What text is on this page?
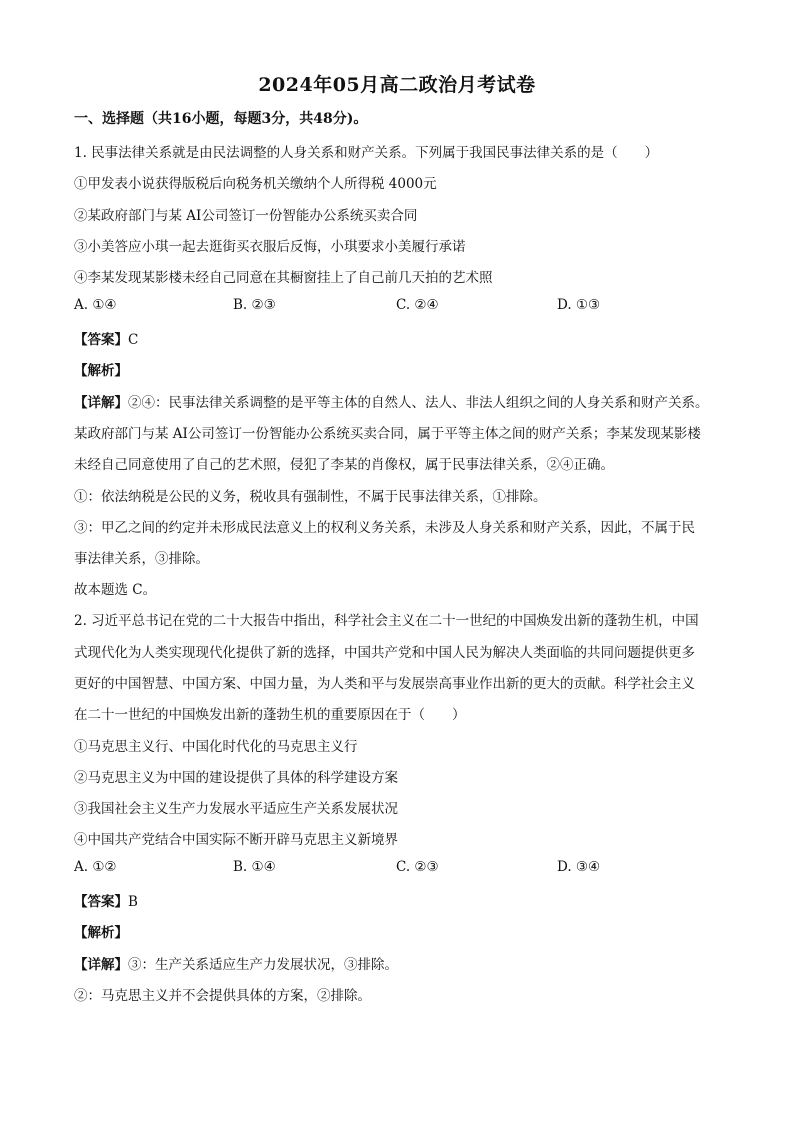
2024年05月高二政治月考试卷
一、选择题（共16小题，每题3分，共48分)。
1. 民事法律关系就是由民法调整的人身关系和财产关系。下列属于我国民事法律关系的是（　　）
①甲发表小说获得版税后向税务机关缴纳个人所得税 4000元
②某政府部门与某 AI公司签订一份智能办公系统买卖合同
③小美答应小琪一起去逛街买衣服后反悔，小琪要求小美履行承诺
④李某发现某影楼未经自己同意在其橱窗挂上了自己前几天拍的艺术照
A. ①④	B. ②③	C. ②④	D. ①③
【答案】C
【解析】
【详解】②④：民事法律关系调整的是平等主体的自然人、法人、非法人组织之间的人身关系和财产关系。
某政府部门与某 AI公司签订一份智能办公系统买卖合同，属于平等主体之间的财产关系；李某发现某影楼
未经自己同意使用了自己的艺术照，侵犯了李某的肖像权，属于民事法律关系，②④正确。
①：依法纳税是公民的义务，税收具有强制性，不属于民事法律关系，①排除。
③：甲乙之间的约定并未形成民法意义上的权利义务关系，未涉及人身关系和财产关系，因此，不属于民
事法律关系，③排除。
故本题选 C。
2. 习近平总书记在党的二十大报告中指出，科学社会主义在二十一世纪的中国焕发出新的蓬勃生机，中国
式现代化为人类实现现代化提供了新的选择，中国共产党和中国人民为解决人类面临的共同问题提供更多
更好的中国智慧、中国方案、中国力量，为人类和平与发展崇高事业作出新的更大的贡献。科学社会主义
在二十一世纪的中国焕发出新的蓬勃生机的重要原因在于（　　）
①马克思主义行、中国化时代化的马克思主义行
②马克思主义为中国的建设提供了具体的科学建设方案
③我国社会主义生产力发展水平适应生产关系发展状况
④中国共产党结合中国实际不断开辟马克思主义新境界
A. ①②	B. ①④	C. ②③	D. ③④
【答案】B
【解析】
【详解】③：生产关系适应生产力发展状况，③排除。
②：马克思主义并不会提供具体的方案，②排除。
